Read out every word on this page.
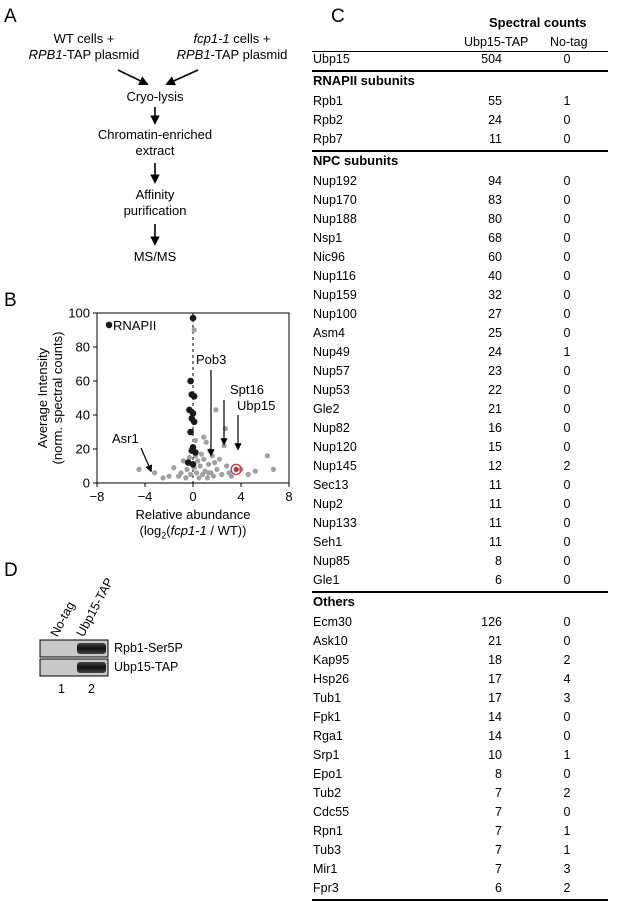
A
WT cells +
RPB1-TAP plasmid
fcp1-1 cells +
RPB1-TAP plasmid
Cryo-lysis
Chromatin-enriched
extract
Affinity
purification
MS/MS
B
0
20
40
60
80
100
−8	−4	0	4	8
RNAPII
Pob3
Spt16
Ubp15
Asr1
Average Intensity (norm. spectral counts)
Relative abundance
$(\log_2(fcp1-1 / WT))$
D
No-tag
Ubp15-TAP
Rpb1-Ser5P
Ubp15-TAP
1 2
C	Spectral counts
Ubp15-TAP No-tag
Ubp15	504	0
RNAPII subunits
Rpb1	55	1
Rpb2	24	0
Rpb7	11	0
NPC subunits
Nup192	94	0
Nup170	83	0
Nup188	80	0
Nsp1	68	0
Nic96	60	0
Nup116	40	0
Nup159	32	0
Nup100	27	0
Asm4	25	0
Nup49	24	1
Nup57	23	0
Nup53	22	0
Gle2	21	0
Nup82	16	0
Nup120	15	0
Nup145	12	2
Sec13	11	0
Nup2	11	0
Nup133	11	0
Seh1	11	0
Nup85	8	0
Gle1	6	0
Others
Ecm30	126	0
Ask10	21	0
Kap95	18	2
Hsp26	17	4
Tub1	17	3
Fpk1	14	0
Rga1	14	0
Srp1	10	1
Epo1	8	0
Tub2	7	2
Cdc55	7	0
Rpn1	7	1
Tub3	7	1
Mir1	7	3
Fpr3	6	2
